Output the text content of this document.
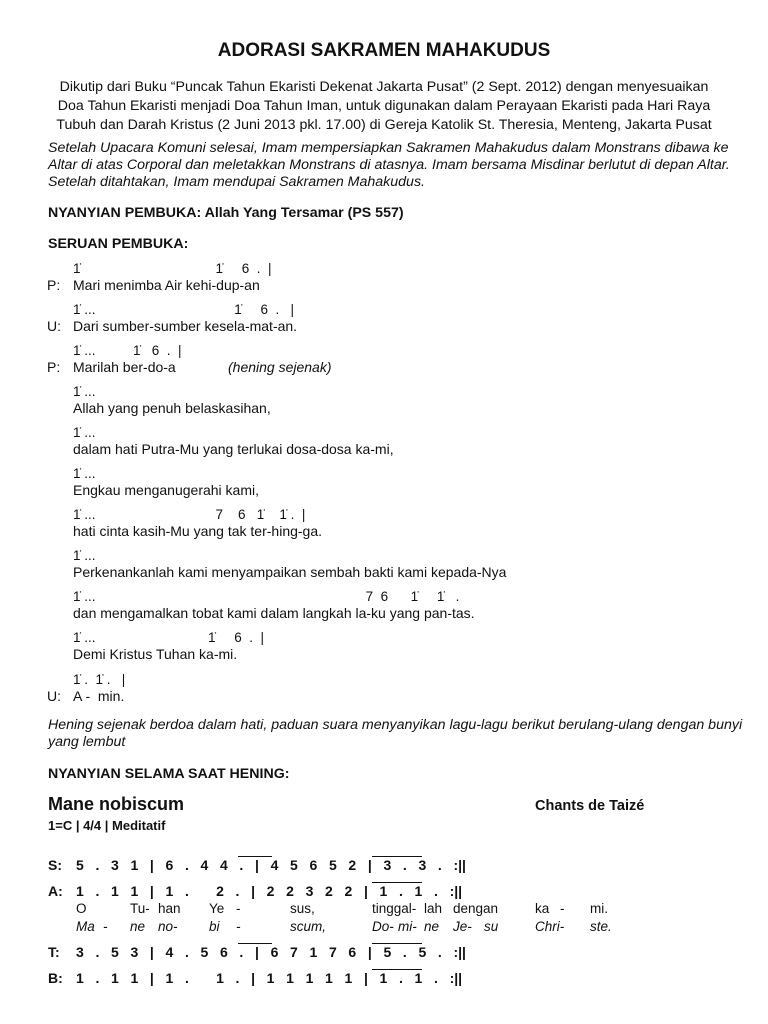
ADORASI SAKRAMEN MAHAKUDUS
Dikutip dari Buku “Puncak Tahun Ekaristi Dekenat Jakarta Pusat” (2 Sept. 2012) dengan menyesuaikan
Doa Tahun Ekaristi menjadi Doa Tahun Iman, untuk digunakan dalam Perayaan Ekaristi pada Hari Raya
Tubuh dan Darah Kristus (2 Juni 2013 pkl. 17.00) di Gereja Katolik St. Theresia, Menteng, Jakarta Pusat
Setelah Upacara Komuni selesai, Imam mempersiapkan Sakramen Mahakudus dalam Monstrans dibawa ke Altar di atas Corporal dan meletakkan Monstrans di atasnya. Imam bersama Misdinar berlutut di depan Altar. Setelah ditahtakan, Imam mendupai Sakramen Mahakudus.
NYANYIAN PEMBUKA: Allah Yang Tersamar (PS 557)
SERUAN PEMBUKA:
1̇                                    1̇     6  .  |
P: Mari menimba Air kehi-dup-an
1̇ ...                                     1̇     6  .   |
U: Dari sumber-sumber kesela-mat-an.
1̇ ...          1̇   6  .  |
P: Marilah ber-do-a	(hening sejenak)
1̇ ...
Allah yang penuh belaskasihan,
1̇ ...
dalam hati Putra-Mu yang terlukai dosa-dosa ka-mi,
1̇ ...
Engkau menganugerahi kami,
1̇ ...                                7    6   1̇    1̇ .  |
hati cinta kasih-Mu yang tak ter-hing-ga.
1̇ ...
Perkenankanlah kami menyampaikan sembah bakti kami kepada-Nya
1̇ ...                                                                        7  6      1̇     1̇   .
dan mengamalkan tobat kami dalam langkah la-ku yang pan-tas.
1̇ ...                              1̇     6  .  |
Demi Kristus Tuhan ka-mi.
1̇ .  1̇ .   |
U: A -  min.
Hening sejenak berdoa dalam hati, paduan suara menyanyikan lagu-lagu berikut berulang-ulang dengan bunyi yang lembut
NYANYIAN SELAMA SAAT HENING:
Mane nobiscum	Chants de Taizé
1=C | 4/4 | Meditatif
S: 5   .   3   1   |   6   .   4   4   .   |   4   5   6   5   2   |   3   .   3   .   :||
A: 1   .   1   1   |   1   .       2   .   |   2   2   3   2   2   |   1   .   1   .   :||
O	Tu- han Ye -	sus,	tinggal- lah dengan	ka - mi.
Ma - ne no- bi -	scum,	Do- mi- ne Je- su	Chri- ste.
T: 3   .   5   3   |   4   .   5   6   .   |   6   7   1   7   6   |   5   .   5   .   :||
B: 1   .   1   1   |   1   .       1   .   |   1   1   1   1   1   |   1   .   1   .   :||
